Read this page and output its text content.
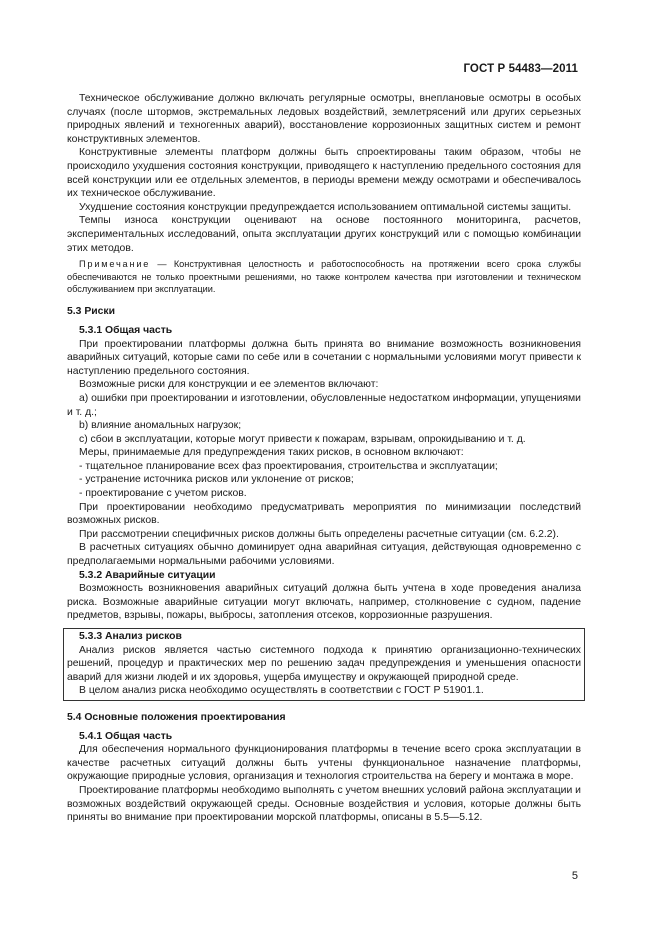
ГОСТ Р 54483—2011

Техническое обслуживание должно включать регулярные осмотры, внеплановые осмотры в особых случаях (после штормов, экстремальных ледовых воздействий, землетрясений или других серьезных природных явлений и техногенных аварий), восстановление коррозионных защитных систем и ремонт конструктивных элементов.

Конструктивные элементы платформ должны быть спроектированы таким образом, чтобы не происходило ухудшения состояния конструкции, приводящего к наступлению предельного состояния для всей конструкции или ее отдельных элементов, в периоды времени между осмотрами и обеспечивалось их техническое обслуживание.

Ухудшение состояния конструкции предупреждается использованием оптимальной системы защиты.

Темпы износа конструкции оценивают на основе постоянного мониторинга, расчетов, экспериментальных исследований, опыта эксплуатации других конструкций или с помощью комбинации этих методов.

Примечание — Конструктивная целостность и работоспособность на протяжении всего срока службы обеспечиваются не только проектными решениями, но также контролем качества при изготовлении и техническом обслуживанием при эксплуатации.

5.3 Риски

5.3.1 Общая часть

При проектировании платформы должна быть принята во внимание возможность возникновения аварийных ситуаций, которые сами по себе или в сочетании с нормальными условиями могут привести к наступлению предельного состояния.

Возможные риски для конструкции и ее элементов включают:

а) ошибки при проектировании и изготовлении, обусловленные недостатком информации, упущениями и т. д.;

b) влияние аномальных нагрузок;

c) сбои в эксплуатации, которые могут привести к пожарам, взрывам, опрокидыванию и т. д.

Меры, принимаемые для предупреждения таких рисков, в основном включают:

- тщательное планирование всех фаз проектирования, строительства и эксплуатации;

- устранение источника рисков или уклонение от рисков;

- проектирование с учетом рисков.

При проектировании необходимо предусматривать мероприятия по минимизации последствий возможных рисков.

При рассмотрении специфичных рисков должны быть определены расчетные ситуации (см. 6.2.2).

В расчетных ситуациях обычно доминирует одна аварийная ситуация, действующая одновременно с предполагаемыми нормальными рабочими условиями.

5.3.2 Аварийные ситуации

Возможность возникновения аварийных ситуаций должна быть учтена в ходе проведения анализа риска. Возможные аварийные ситуации могут включать, например, столкновение с судном, падение предметов, взрывы, пожары, выбросы, затопления отсеков, коррозионные разрушения.

5.3.3 Анализ рисков

Анализ рисков является частью системного подхода к принятию организационно-технических решений, процедур и практических мер по решению задач предупреждения и уменьшения опасности аварий для жизни людей и их здоровья, ущерба имуществу и окружающей природной среде.

В целом анализ риска необходимо осуществлять в соответствии с ГОСТ Р 51901.1.

5.4 Основные положения проектирования

5.4.1 Общая часть

Для обеспечения нормального функционирования платформы в течение всего срока эксплуатации в качестве расчетных ситуаций должны быть учтены функциональное назначение платформы, окружающие природные условия, организация и технология строительства на берегу и монтажа в море.

Проектирование платформы необходимо выполнять с учетом внешних условий района эксплуатации и возможных воздействий окружающей среды. Основные воздействия и условия, которые должны быть приняты во внимание при проектировании морской платформы, описаны в 5.5—5.12.

5
